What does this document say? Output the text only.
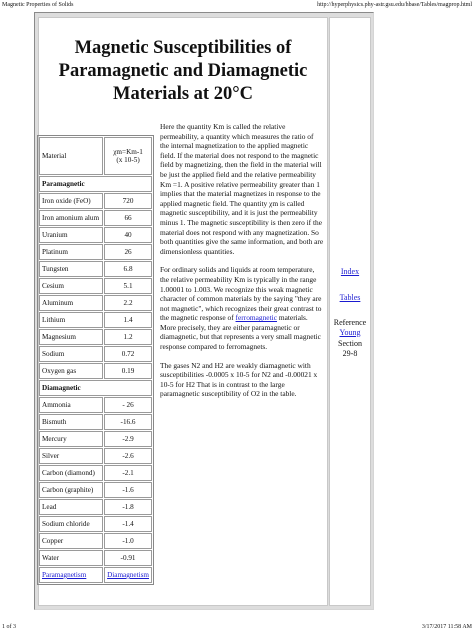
Magnetic Properties of Solids	http://hyperphysics.phy-astr.gsu.edu/hbase/Tables/magprop.html
Index
Tables
Reference
Young
Section
29-8
Magnetic Susceptibilities of
Paramagnetic and Diamagnetic
Materials at 20°C
Material	χm=Km-1
(x 10-5)

Paramagnetic	
Iron oxide (FeO)	720
Iron amonium alum	66
Uranium	40
Platinum	26
Tungsten	6.8
Cesium	5.1
Aluminum	2.2
Lithium	1.4
Magnesium	1.2
Sodium	0.72
Oxygen gas	0.19
Diamagnetic	
Ammonia	- 26
Bismuth	-16.6
Mercury	-2.9
Silver	-2.6
Carbon (diamond)	-2.1
Carbon (graphite)	-1.6
Lead	-1.8
Sodium chloride	-1.4
Copper	-1.0
Water	-0.91
Paramagnetism	Diamagnetism

Here the quantity Km is called the relative permeability, a quantity which measures the ratio of the internal magnetization to the applied magnetic field. If the material does not respond to the magnetic field by magnetizing, then the field in the material will be just the applied field and the relative permeability Km =1. A positive relative permeability greater than 1 implies that the material magnetizes in response to the applied magnetic field. The quantity χm is called magnetic susceptibility, and it is just the permeability minus 1. The magnetic susceptibility is then zero if the material does not respond with any magnetization. So both quantities give the same information, and both are dimensionless quantities.

For ordinary solids and liquids at room temperature, the relative permeability Km is typically in the range 1.00001 to 1.003. We recognize this weak magnetic character of common materials by the saying "they are not magnetic", which recognizes their great contrast to the magnetic response of ferromagnetic materials. More precisely, they are either paramagnetic or diamagnetic, but that represents a very small magnetic response compared to ferromagnets.

The gases N2 and H2 are weakly diamagnetic with susceptibilities -0.0005 x 10-5 for N2 and -0.00021 x 10-5 for H2 That is in contrast to the large paramagnetic susceptibility of O2 in the table.

1 of 3	3/17/2017 11:58 AM
